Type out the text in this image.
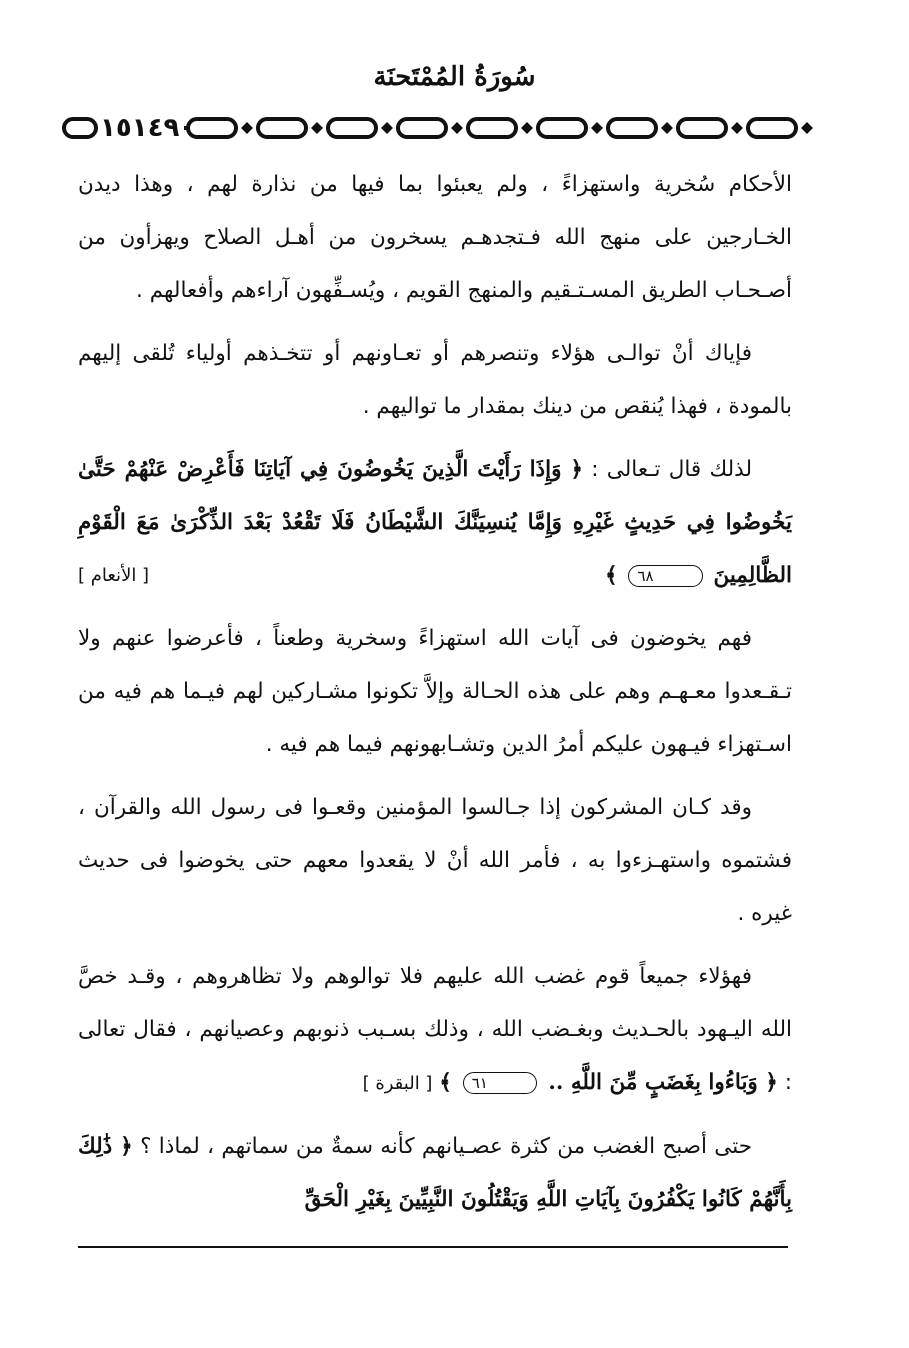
سُورَةُ المُمْتَحنَة
١٥١٤٩

الأحكام سُخرية واستهزاءً ، ولم يعبئوا بما فيها من نذارة لهم ، وهذا ديدن الخـارجين على منهج الله فـتجدهـم يسخرون من أهـل الصلاح ويهزأون من أصـحـاب الطريق المسـتـقيم والمنهج القويم ، ويُسـفِّهون آراءهم وأفعالهم .

فإياك أنْ توالـى هؤلاء وتنصرهم أو تعـاونهم أو تتخـذهم أولياء تُلقى إليهم بالمودة ، فهذا يُنقص من دينك بمقدار ما تواليهم .

لذلك قال تـعالى : ﴿ وَإِذَا رَأَيْتَ الَّذِينَ يَخُوضُونَ فِي آيَاتِنَا فَأَعْرِضْ عَنْهُمْ حَتَّىٰ يَخُوضُوا فِي حَدِيثٍ غَيْرِهِ وَإِمَّا يُنسِيَنَّكَ الشَّيْطَانُ فَلَا تَقْعُدْ بَعْدَ الذِّكْرَىٰ مَعَ الْقَوْمِ الظَّالِمِينَ ٦٨ ﴾
[ الأنعام ]

فهم يخوضون فى آيات الله استهزاءً وسخرية وطعناً ، فأعرضوا عنهم ولا تـقـعدوا معـهـم وهم على هذه الحـالة وإلاَّ تكونوا مشـاركين لهم فيـما هم فيه من اسـتهزاء فيـهون عليكم أمرُ الدين وتشـابهونهم فيما هم فيه .

وقد كـان المشركون إذا جـالسوا المؤمنين وقعـوا فى رسول الله والقرآن ، فشتموه واستهـزءوا به ، فأمر الله أنْ لا يقعدوا معهم حتى يخوضوا فى حديث غيره .

فهؤلاء جميعاً قوم غضب الله عليهم فلا توالوهم ولا تظاهروهم ، وقـد خصَّ الله اليـهود بالحـديث وبغـضب الله ، وذلك بسـبب ذنوبهم وعصيانهم ، فقال تعالى : ﴿ وَبَاءُوا بِغَضَبٍ مِّنَ اللَّهِ .. ٦١ ﴾ [ البقرة ]
حتى أصبح الغضب من كثرة عصـيانهم كأنه سمةٌ من سماتهم ، لماذا ؟ ﴿ ذَٰلِكَ بِأَنَّهُمْ كَانُوا يَكْفُرُونَ بِآيَاتِ اللَّهِ وَيَقْتُلُونَ النَّبِيِّينَ بِغَيْرِ الْحَقِّ
